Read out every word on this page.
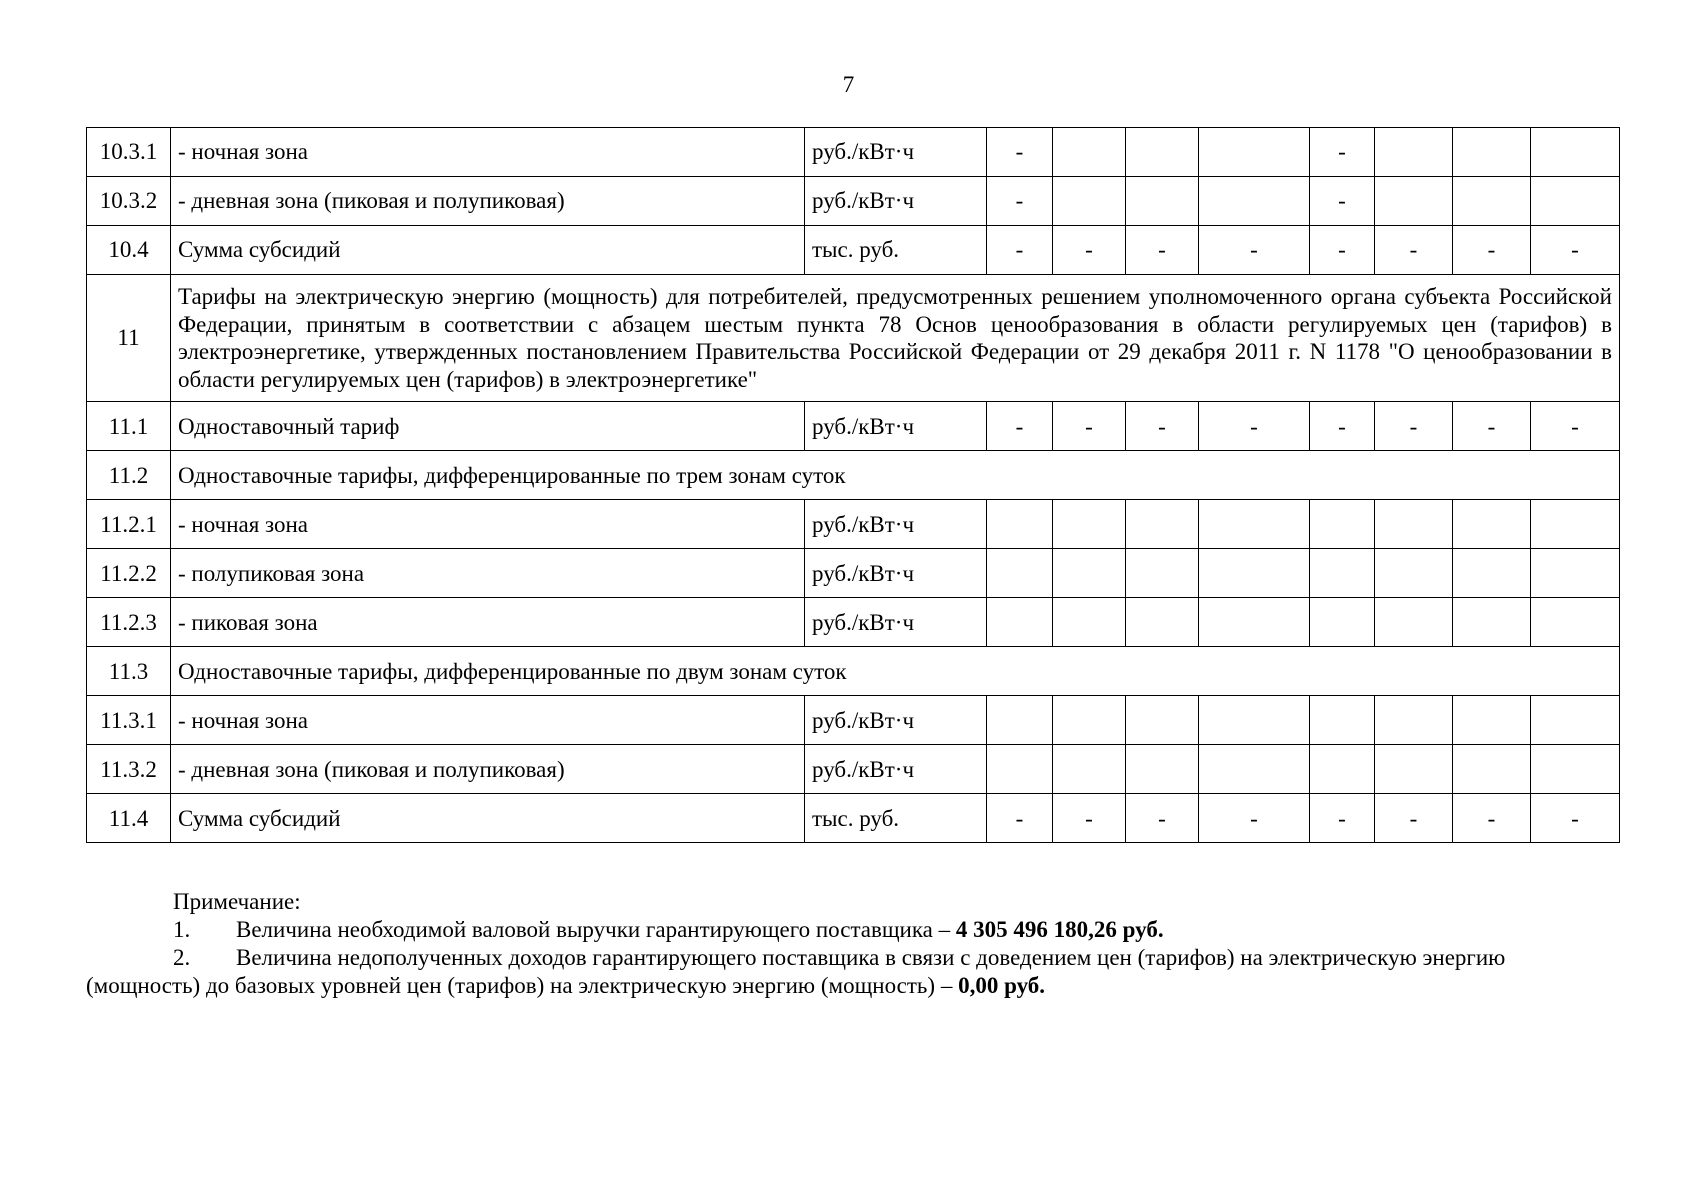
7
10.3.1	- ночная зона	руб./кВт·ч	-				-			
10.3.2	- дневная зона (пиковая и полупиковая)	руб./кВт·ч	-				-			
10.4	Сумма субсидий	тыс. руб.	-	-	-	-	-	-	-	-
11	Тарифы на электрическую энергию (мощность) для потребителей, предусмотренных решением уполномоченного органа субъекта Российской Федерации, принятым в соответствии с абзацем шестым пункта 78 Основ ценообразования в области регулируемых цен (тарифов) в электроэнергетике, утвержденных постановлением Правительства Российской Федерации от 29 декабря 2011 г. N 1178 "О ценообразовании в области регулируемых цен (тарифов) в электроэнергетике"									
11.1	Одноставочный тариф	руб./кВт·ч	-	-	-	-	-	-	-	-
11.2	Одноставочные тарифы, дифференцированные по трем зонам суток									
11.2.1	- ночная зона	руб./кВт·ч								
11.2.2	- полупиковая зона	руб./кВт·ч								
11.2.3	- пиковая зона	руб./кВт·ч								
11.3	Одноставочные тарифы, дифференцированные по двум зонам суток									
11.3.1	- ночная зона	руб./кВт·ч								
11.3.2	- дневная зона (пиковая и полупиковая)	руб./кВт·ч								
11.4	Сумма субсидий	тыс. руб.	-	-	-	-	-	-	-	-
Примечание:
1. Величина необходимой валовой выручки гарантирующего поставщика – 4 305 496 180,26 руб.
2. Величина недополученных доходов гарантирующего поставщика в связи с доведением цен (тарифов) на электрическую энергию (мощность) до базовых уровней цен (тарифов) на электрическую энергию (мощность) – 0,00 руб.
